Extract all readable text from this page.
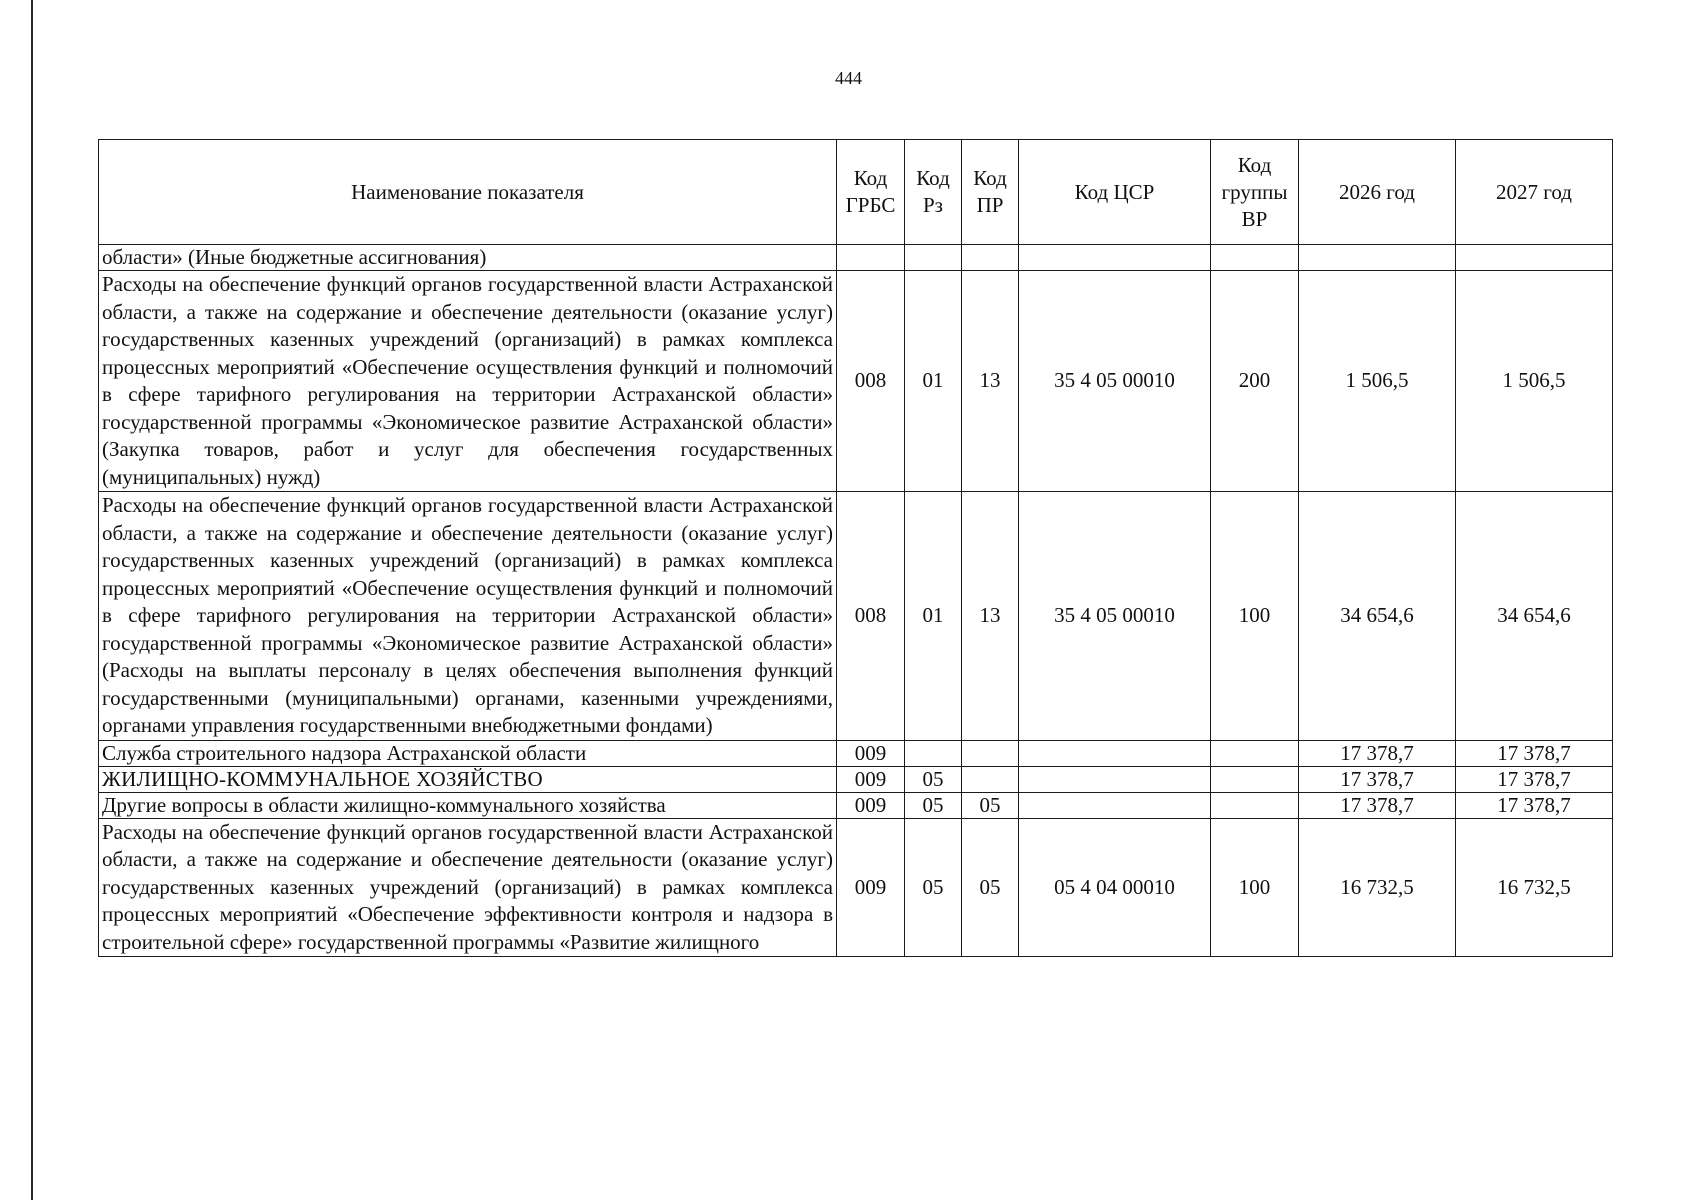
444
Наименование показателя	Код ГРБС	Код Рз	Код ПР	Код ЦСР	Код группы ВР	2026 год	2027 год
области» (Иные бюджетные ассигнования)							
Расходы на обеспечение функций органов государственной власти Астраханской области, а также на содержание и обеспечение деятельности (оказание услуг) государственных казенных учреждений (организаций) в рамках комплекса процессных мероприятий «Обеспечение осуществления функций и полномочий в сфере тарифного регулирования на территории Астраханской области» государственной программы «Экономическое развитие Астраханской области» (Закупка товаров, работ и услуг для обеспечения государственных (муниципальных) нужд)	008	01	13	35 4 05 00010	200	1 506,5	1 506,5
Расходы на обеспечение функций органов государственной власти Астраханской области, а также на содержание и обеспечение деятельности (оказание услуг) государственных казенных учреждений (организаций) в рамках комплекса процессных мероприятий «Обеспечение осуществления функций и полномочий в сфере тарифного регулирования на территории Астраханской области» государственной программы «Экономическое развитие Астраханской области» (Расходы на выплаты персоналу в целях обеспечения выполнения функций государственными (муниципальными) органами, казенными учреждениями, органами управления государственными внебюджетными фондами)	008	01	13	35 4 05 00010	100	34 654,6	34 654,6
Служба строительного надзора Астраханской области	009					17 378,7	17 378,7
ЖИЛИЩНО-КОММУНАЛЬНОЕ ХОЗЯЙСТВО	009	05				17 378,7	17 378,7
Другие вопросы в области жилищно-коммунального хозяйства	009	05	05			17 378,7	17 378,7
Расходы на обеспечение функций органов государственной власти Астраханской области, а также на содержание и обеспечение деятельности (оказание услуг) государственных казенных учреждений (организаций) в рамках комплекса процессных мероприятий «Обеспечение эффективности контроля и надзора в строительной сфере» государственной программы «Развитие жилищного	009	05	05	05 4 04 00010	100	16 732,5	16 732,5
